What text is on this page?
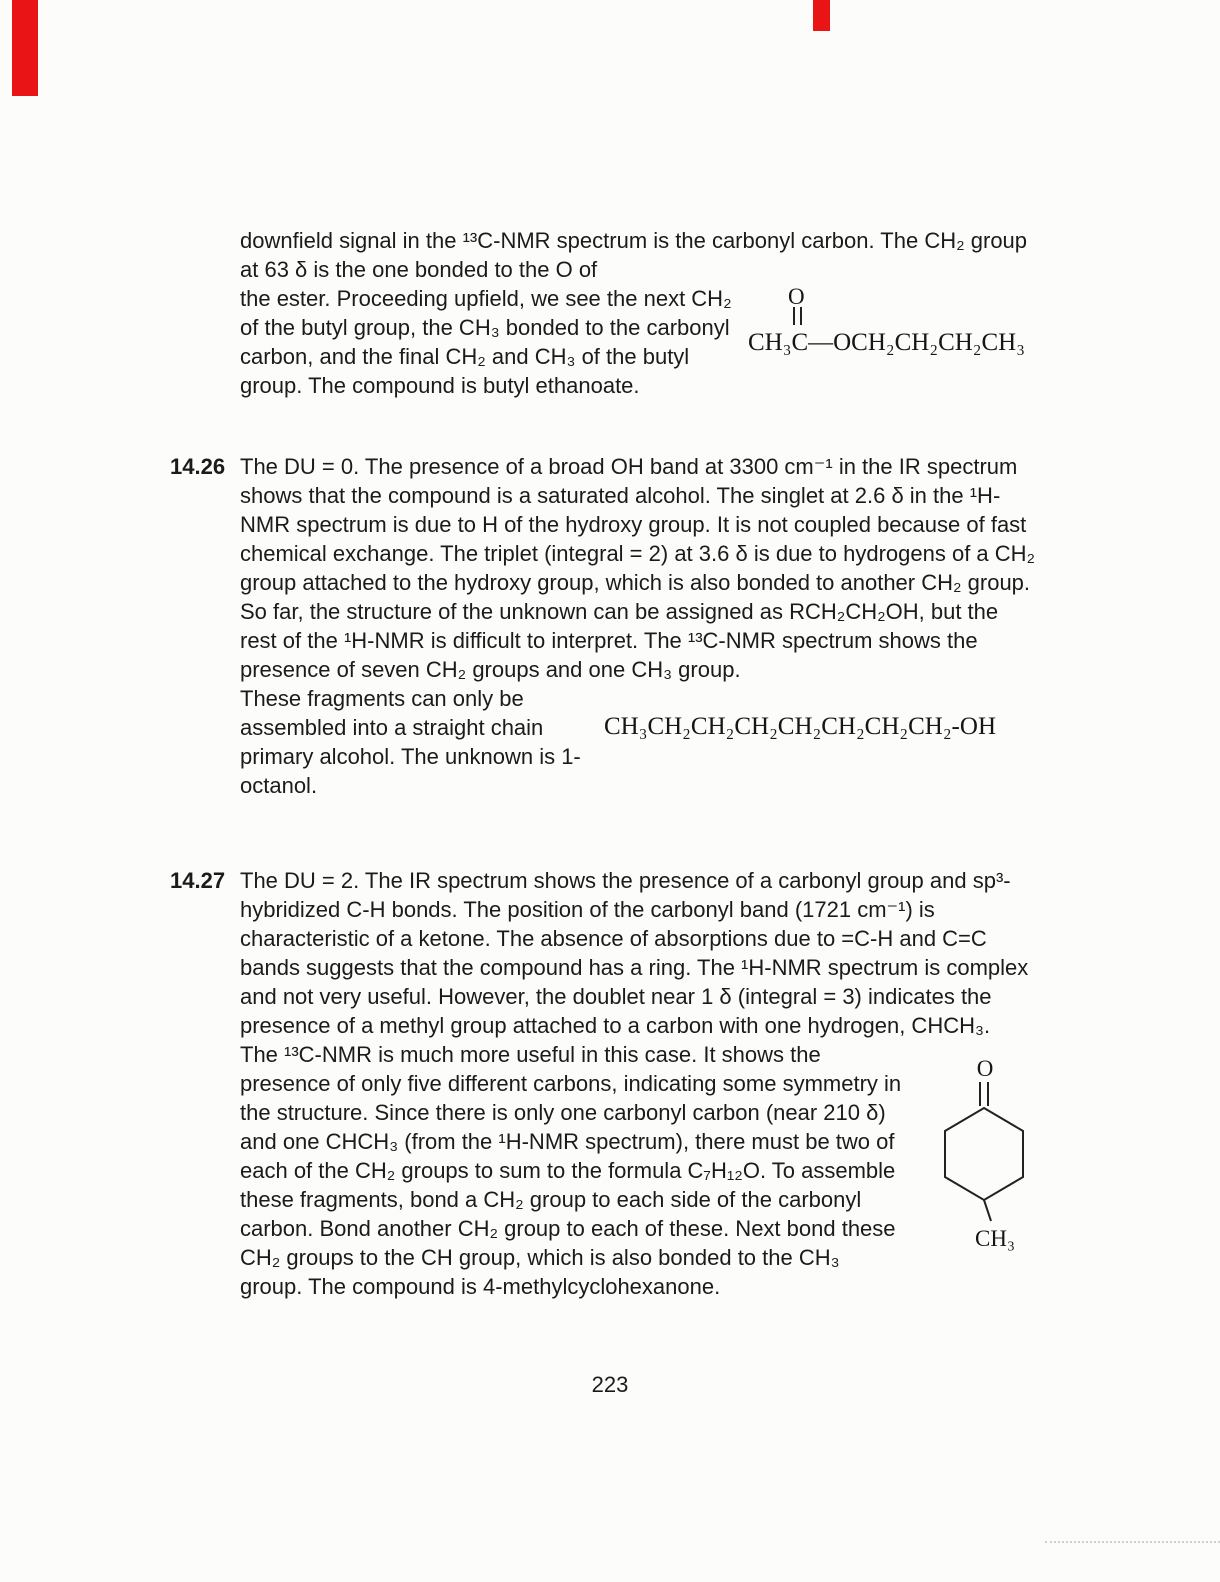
downfield signal in the ¹³C-NMR spectrum is the carbonyl carbon. The CH₂ group at 63 δ is the one bonded to the O of
O
CH₃C—OCH₂CH₂CH₂CH₃
the ester. Proceeding upfield, we see the next CH₂ of the butyl group, the CH₃ bonded to the carbonyl carbon, and the final CH₂ and CH₃ of the butyl group. The compound is butyl ethanoate.
14.26 The DU = 0. The presence of a broad OH band at 3300 cm⁻¹ in the IR spectrum shows that the compound is a saturated alcohol. The singlet at 2.6 δ in the ¹H-NMR spectrum is due to H of the hydroxy group. It is not coupled because of fast chemical exchange. The triplet (integral = 2) at 3.6 δ is due to hydrogens of a CH₂ group attached to the hydroxy group, which is also bonded to another CH₂ group. So far, the structure of the unknown can be assigned as RCH₂CH₂OH, but the rest of the ¹H-NMR is difficult to interpret. The ¹³C-NMR spectrum shows the presence of seven CH₂ groups and one CH₃ group.
CH₃CH₂CH₂CH₂CH₂CH₂CH₂CH₂-OH
These fragments can only be assembled into a straight chain primary alcohol. The unknown is 1-octanol.
14.27 The DU = 2. The IR spectrum shows the presence of a carbonyl group and sp³-hybridized C-H bonds. The position of the carbonyl band (1721 cm⁻¹) is characteristic of a ketone. The absence of absorptions due to =C-H and C=C bands suggests that the compound has a ring. The ¹H-NMR spectrum is complex and not very useful. However, the doublet near 1 δ (integral = 3) indicates the presence of a methyl group attached to a carbon with one hydrogen, CHCH₃.
O
CH₃
The ¹³C-NMR is much more useful in this case. It shows the presence of only five different carbons, indicating some symmetry in the structure. Since there is only one carbonyl carbon (near 210 δ) and one CHCH₃ (from the ¹H-NMR spectrum), there must be two of each of the CH₂ groups to sum to the formula C₇H₁₂O. To assemble these fragments, bond a CH₂ group to each side of the carbonyl carbon. Bond another CH₂ group to each of these. Next bond these CH₂ groups to the CH group, which is also bonded to the CH₃ group. The compound is 4-methylcyclohexanone.
223
